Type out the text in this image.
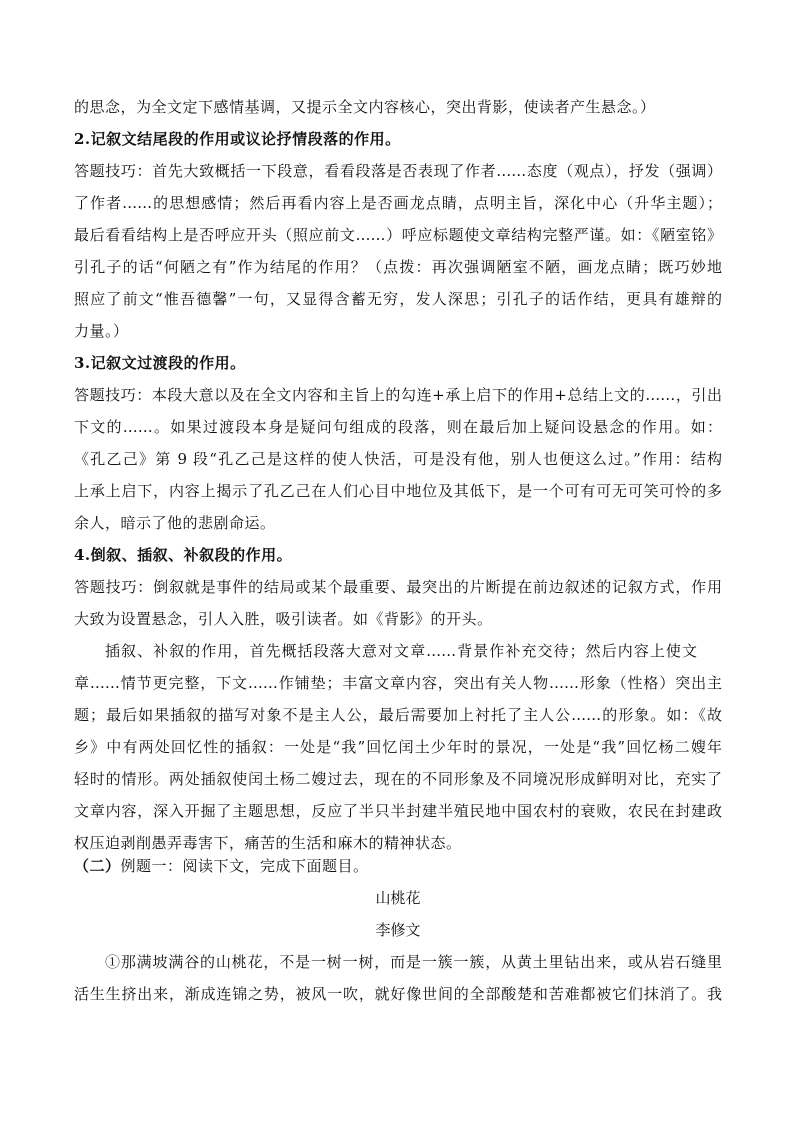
的思念，为全文定下感情基调，又提示全文内容核心，突出背影，使读者产生悬念。）
2.记叙文结尾段的作用或议论抒情段落的作用。
答题技巧：首先大致概括一下段意，看看段落是否表现了作者……态度（观点），抒发（强调）
了作者……的思想感情；然后再看内容上是否画龙点睛，点明主旨，深化中心（升华主题）；
最后看看结构上是否呼应开头（照应前文……）呼应标题使文章结构完整严谨。如：《陋室铭》
引孔子的话“何陋之有”作为结尾的作用？（点拨：再次强调陋室不陋，画龙点睛；既巧妙地
照应了前文“惟吾德馨”一句，又显得含蓄无穷，发人深思；引孔子的话作结，更具有雄辩的
力量。）
3.记叙文过渡段的作用。
答题技巧：本段大意以及在全文内容和主旨上的勾连+承上启下的作用+总结上文的……，引出
下文的……。如果过渡段本身是疑问句组成的段落，则在最后加上疑问设悬念的作用。如：
《孔乙己》第 9 段“孔乙己是这样的使人快活，可是没有他，别人也便这么过。”作用：结构
上承上启下，内容上揭示了孔乙己在人们心目中地位及其低下，是一个可有可无可笑可怜的多
余人，暗示了他的悲剧命运。
4.倒叙、插叙、补叙段的作用。
答题技巧：倒叙就是事件的结局或某个最重要、最突出的片断提在前边叙述的记叙方式，作用
大致为设置悬念，引人入胜，吸引读者。如《背影》的开头。
插叙、补叙的作用，首先概括段落大意对文章……背景作补充交待；然后内容上使文
章……情节更完整，下文……作铺垫；丰富文章内容，突出有关人物……形象（性格）突出主
题；最后如果插叙的描写对象不是主人公，最后需要加上衬托了主人公……的形象。如：《故
乡》中有两处回忆性的插叙：一处是“我”回忆闰土少年时的景况，一处是“我”回忆杨二嫂年
轻时的情形。两处插叙使闰土杨二嫂过去，现在的不同形象及不同境况形成鲜明对比，充实了
文章内容，深入开掘了主题思想，反应了半只半封建半殖民地中国农村的衰败，农民在封建政
权压迫剥削愚弄毒害下，痛苦的生活和麻木的精神状态。
（二）例题一：阅读下文，完成下面题目。
山桃花
李修文
①那满坡满谷的山桃花，不是一树一树，而是一簇一簇，从黄土里钻出来，或从岩石缝里
活生生挤出来，渐成连锦之势，被风一吹，就好像世间的全部酸楚和苦难都被它们抹消了。我
